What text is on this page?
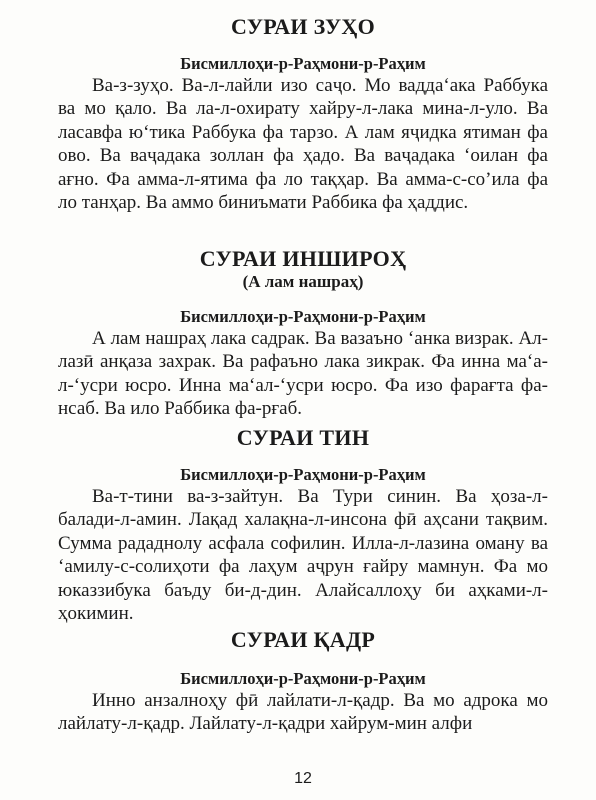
СУРАИ ЗУҲО

Бисмиллоҳи-р-Раҳмони-р-Раҳим

Ва-з-зуҳо. Ва-л-лайли изо саҷо. Мо вадда‘ака Раббука ва мо қало. Ва ла-л-охирату хайру-л-лака мина-л-уло. Ва ласавфа ю‘тика Раббука фа тарзо. А лам яҷидка ятиман фа ово. Ва ваҷадака золлан фа ҳадо. Ва ваҷадака ‘оилан фа ағно. Фа амма-л-ятима фа ло тақҳар. Ва амма-с-со’ила фа ло танҳар. Ва аммо биниъмати Раббика фа ҳаддис.

СУРАИ ИНШИРОҲ

(А лам нашраҳ)

Бисмиллоҳи-р-Раҳмони-р-Раҳим

А лам нашраҳ лака садрак. Ва вазаъно ‘анка визрак. Ал-лазӣ анқаза захрак. Ва рафаъно лака зикрак. Фа инна ма‘а-л-‘усри юсро. Инна ма‘ал-‘усри юсро. Фа изо фарағта фа-нсаб. Ва ило Раббика фа-рғаб.

СУРАИ ТИН

Бисмиллоҳи-р-Раҳмони-р-Раҳим

Ва-т-тини ва-з-зайтун. Ва Тури синин. Ва ҳоза-л-балади-л-амин. Лақад халақна-л-инсона фӣ аҳсани тақвим. Сумма рададнолу асфала софилин. Илла-л-лазина оману ва ‘амилу-с-солиҳоти фа лаҳум аҷрун ғайру мамнун. Фа мо юказзибука баъду би-д-дин. Алайсаллоҳу би аҳками-л-ҳокимин.

СУРАИ ҚАДР

Бисмиллоҳи-р-Раҳмони-р-Раҳим

Инно анзалноҳу фӣ лайлати-л-қадр. Ва мо адрока мо лайлату-л-қадр. Лайлату-л-қадри хайрум-мин алфи

12
